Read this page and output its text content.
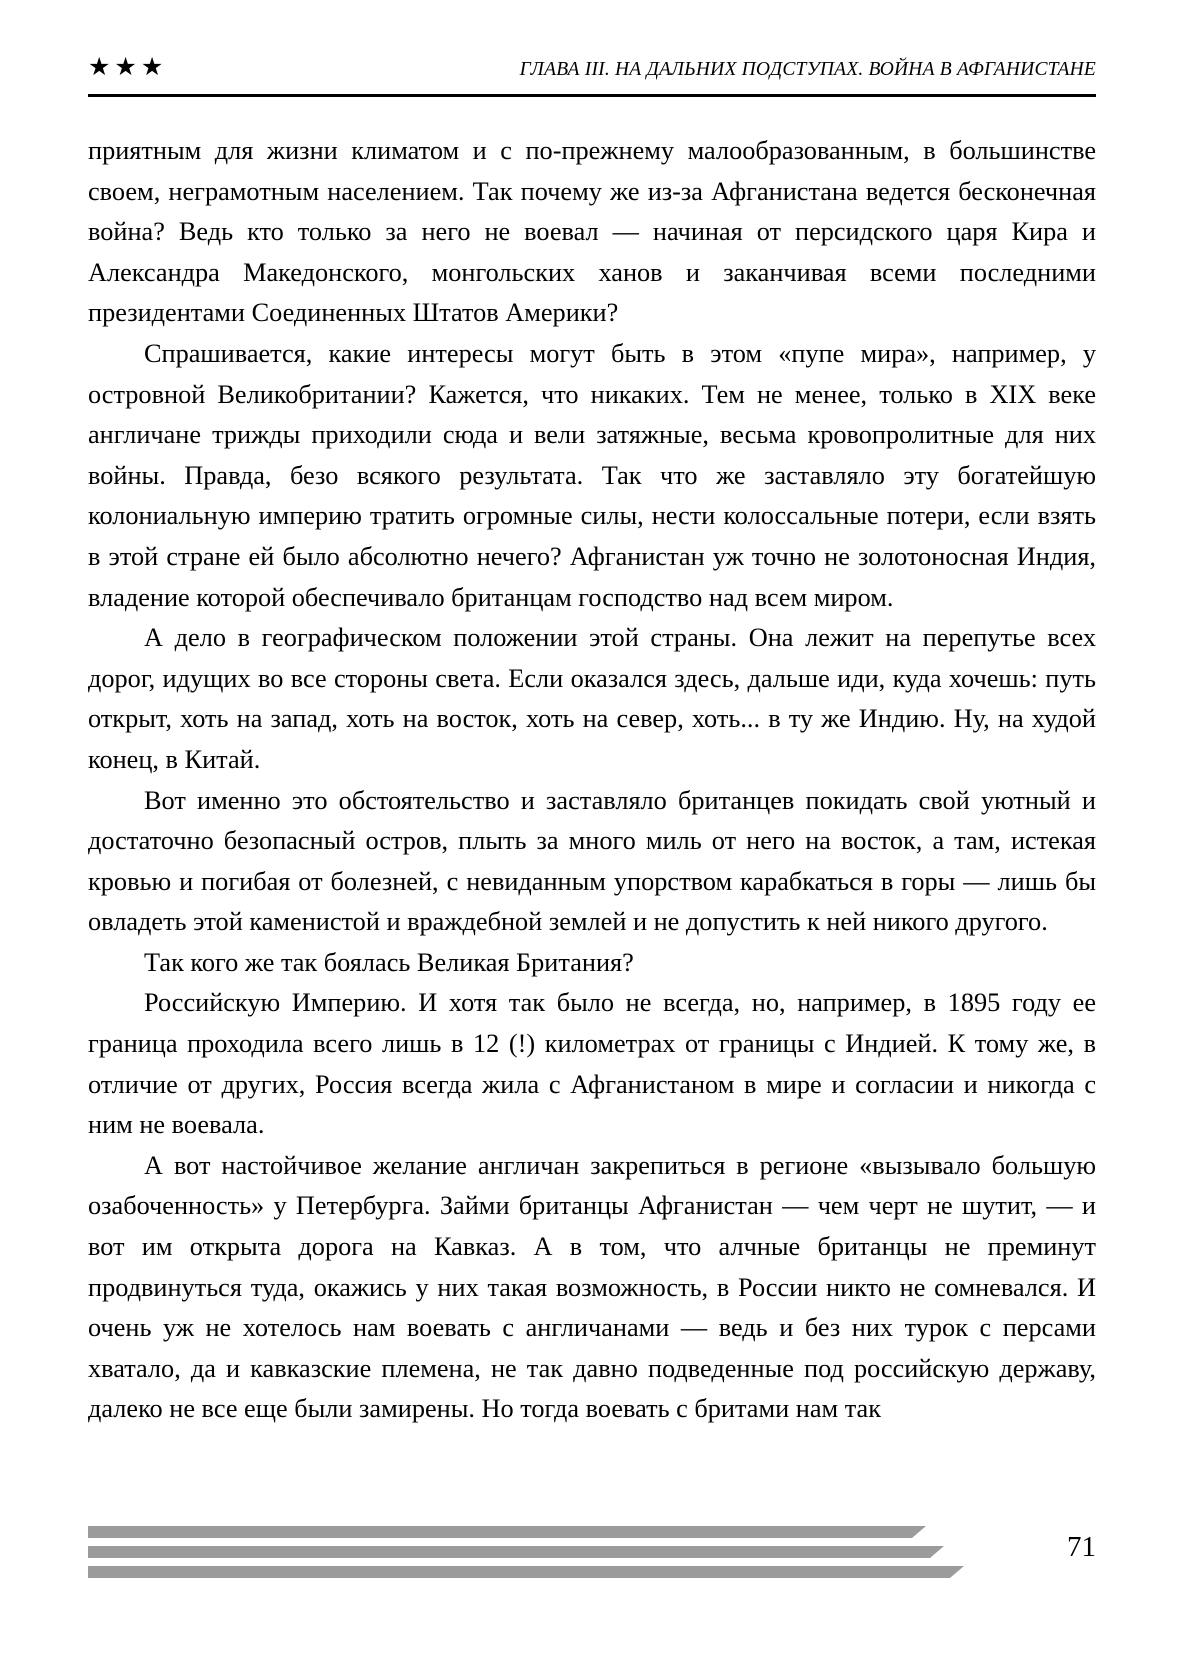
★★★	ГЛАВА III. НА ДАЛЬНИХ ПОДСТУПАХ. ВОЙНА В АФГАНИСТАНЕ

приятным для жизни климатом и с по-прежнему малообразованным, в большинстве своем, неграмотным населением. Так почему же из-за Афганистана ведется бесконечная война? Ведь кто только за него не воевал — начиная от персидского царя Кира и Александра Македонского, монгольских ханов и заканчивая всеми последними президентами Соединенных Штатов Америки?

Спрашивается, какие интересы могут быть в этом «пупе мира», например, у островной Великобритании? Кажется, что никаких. Тем не менее, только в XIX веке англичане трижды приходили сюда и вели затяжные, весьма кровопролитные для них войны. Правда, безо всякого результата. Так что же заставляло эту богатейшую колониальную империю тратить огромные силы, нести колоссальные потери, если взять в этой стране ей было абсолютно нечего? Афганистан уж точно не золотоносная Индия, владение которой обеспечивало британцам господство над всем миром.

А дело в географическом положении этой страны. Она лежит на перепутье всех дорог, идущих во все стороны света. Если оказался здесь, дальше иди, куда хочешь: путь открыт, хоть на запад, хоть на восток, хоть на север, хоть... в ту же Индию. Ну, на худой конец, в Китай.

Вот именно это обстоятельство и заставляло британцев покидать свой уютный и достаточно безопасный остров, плыть за много миль от него на восток, а там, истекая кровью и погибая от болезней, с невиданным упорством карабкаться в горы — лишь бы овладеть этой каменистой и враждебной землей и не допустить к ней никого другого.

Так кого же так боялась Великая Британия?

Российскую Империю. И хотя так было не всегда, но, например, в 1895 году ее граница проходила всего лишь в 12 (!) километрах от границы с Индией. К тому же, в отличие от других, Россия всегда жила с Афганистаном в мире и согласии и никогда с ним не воевала.

А вот настойчивое желание англичан закрепиться в регионе «вызывало большую озабоченность» у Петербурга. Займи британцы Афганистан — чем черт не шутит, — и вот им открыта дорога на Кавказ. А в том, что алчные британцы не преминут продвинуться туда, окажись у них такая возможность, в России никто не сомневался. И очень уж не хотелось нам воевать с англичанами — ведь и без них турок с персами хватало, да и кавказские племена, не так давно подведенные под российскую державу, далеко не все еще были замирены. Но тогда воевать с бритами нам так

71
